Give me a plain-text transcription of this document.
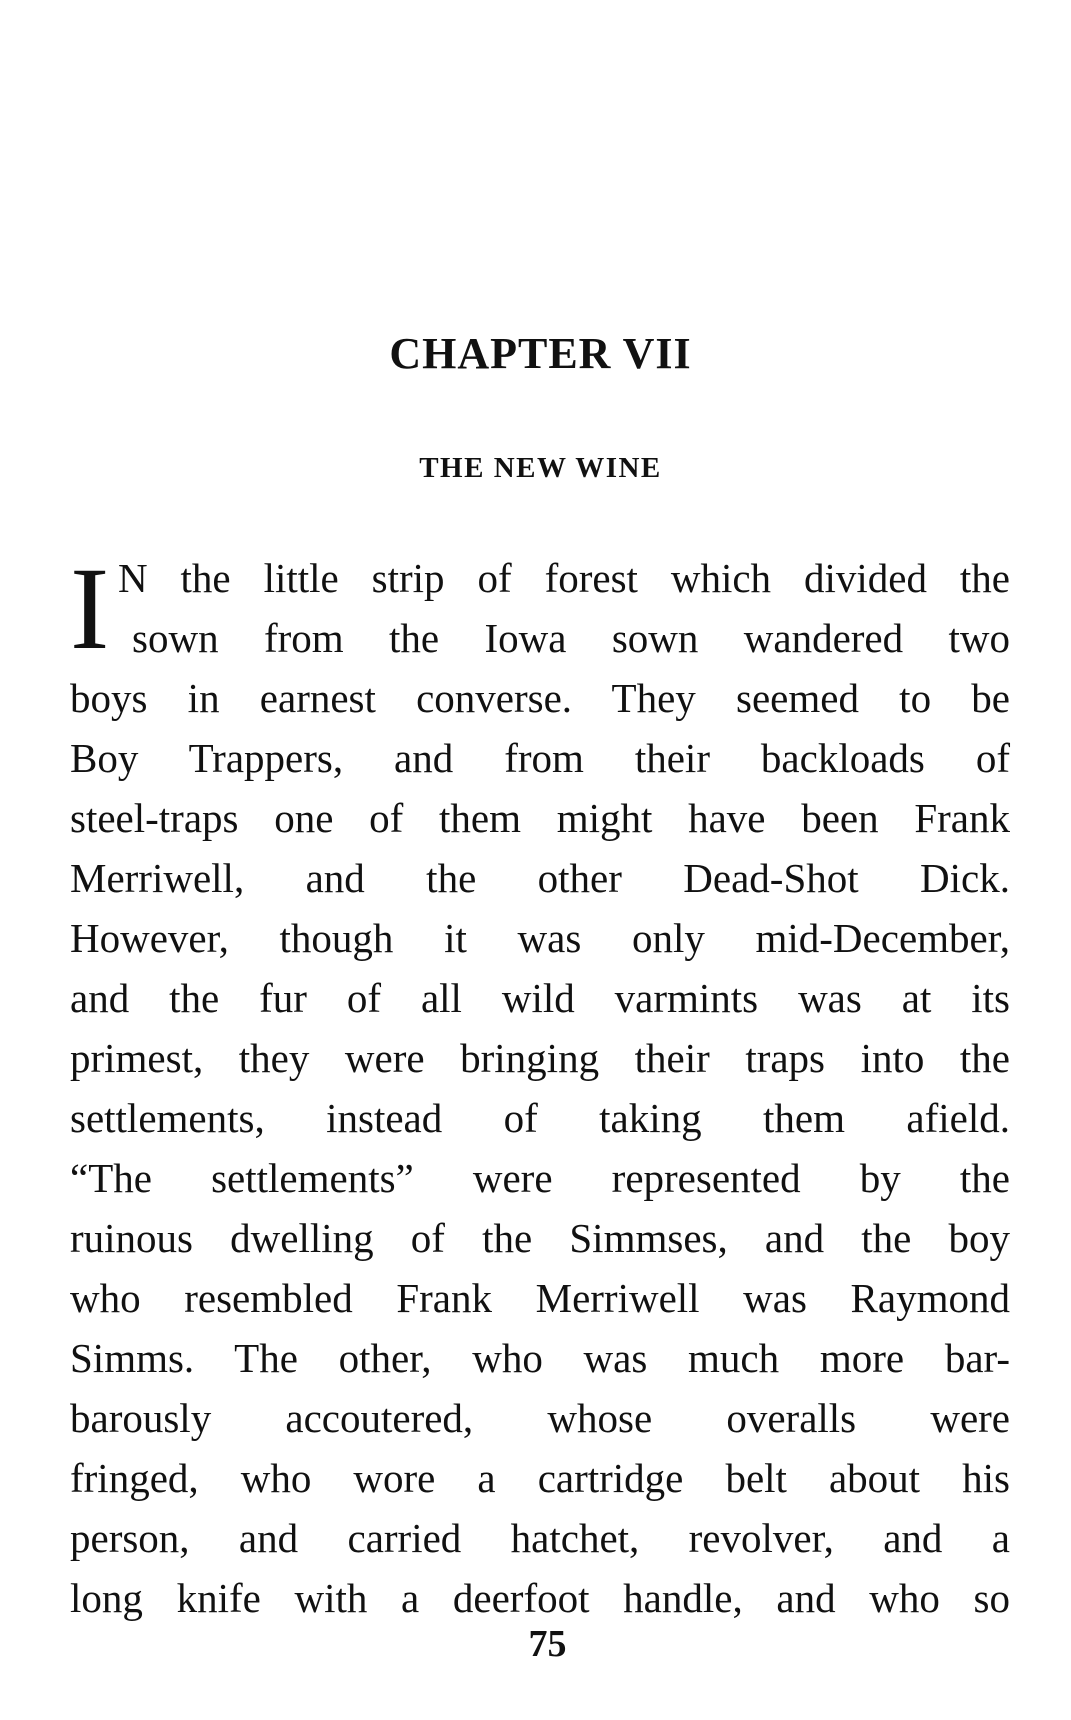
CHAPTER VII
THE NEW WINE
I N the little strip of forest which divided the
sown from the Iowa sown wandered two
boys in earnest converse. They seemed to be
Boy Trappers, and from their backloads of
steel-traps one of them might have been Frank
Merriwell, and the other Dead-Shot Dick.
However, though it was only mid-December,
and the fur of all wild varmints was at its
primest, they were bringing their traps into the
settlements, instead of taking them afield.
“The settlements” were represented by the
ruinous dwelling of the Simmses, and the boy
who resembled Frank Merriwell was Raymond
Simms. The other, who was much more bar-
barously accoutered, whose overalls were
fringed, who wore a cartridge belt about his
person, and carried hatchet, revolver, and a
long knife with a deerfoot handle, and who so
75
